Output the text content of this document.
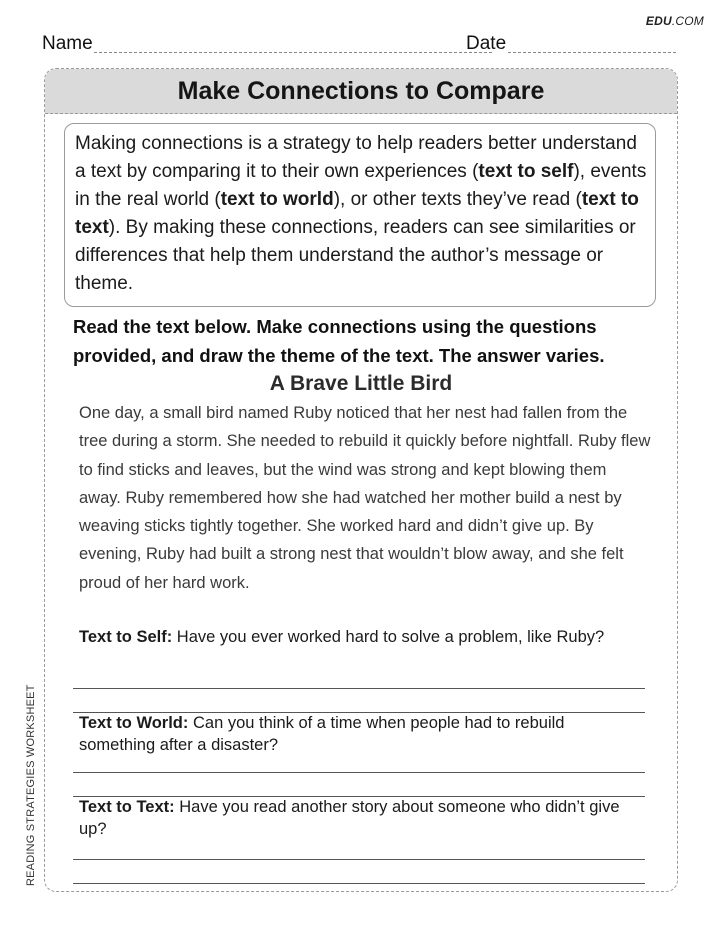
EDU.COM
Name	Date
READING STRATEGIES WORKSHEET
Make Connections to Compare
Making connections is a strategy to help readers better understand a text by comparing it to their own experiences (text to self), events in the real world (text to world), or other texts they’ve read (text to text). By making these connections, readers can see similarities or differences that help them understand the author’s message or theme.
Read the text below. Make connections using the questions provided, and draw the theme of the text. The answer varies.
A Brave Little Bird
One day, a small bird named Ruby noticed that her nest had fallen from the tree during a storm. She needed to rebuild it quickly before nightfall. Ruby flew to find sticks and leaves, but the wind was strong and kept blowing them away. Ruby remembered how she had watched her mother build a nest by weaving sticks tightly together. She worked hard and didn’t give up. By evening, Ruby had built a strong nest that wouldn’t blow away, and she felt proud of her hard work.
Text to Self: Have you ever worked hard to solve a problem, like Ruby?
Text to World: Can you think of a time when people had to rebuild something after a disaster?
Text to Text: Have you read another story about someone who didn’t give up?
